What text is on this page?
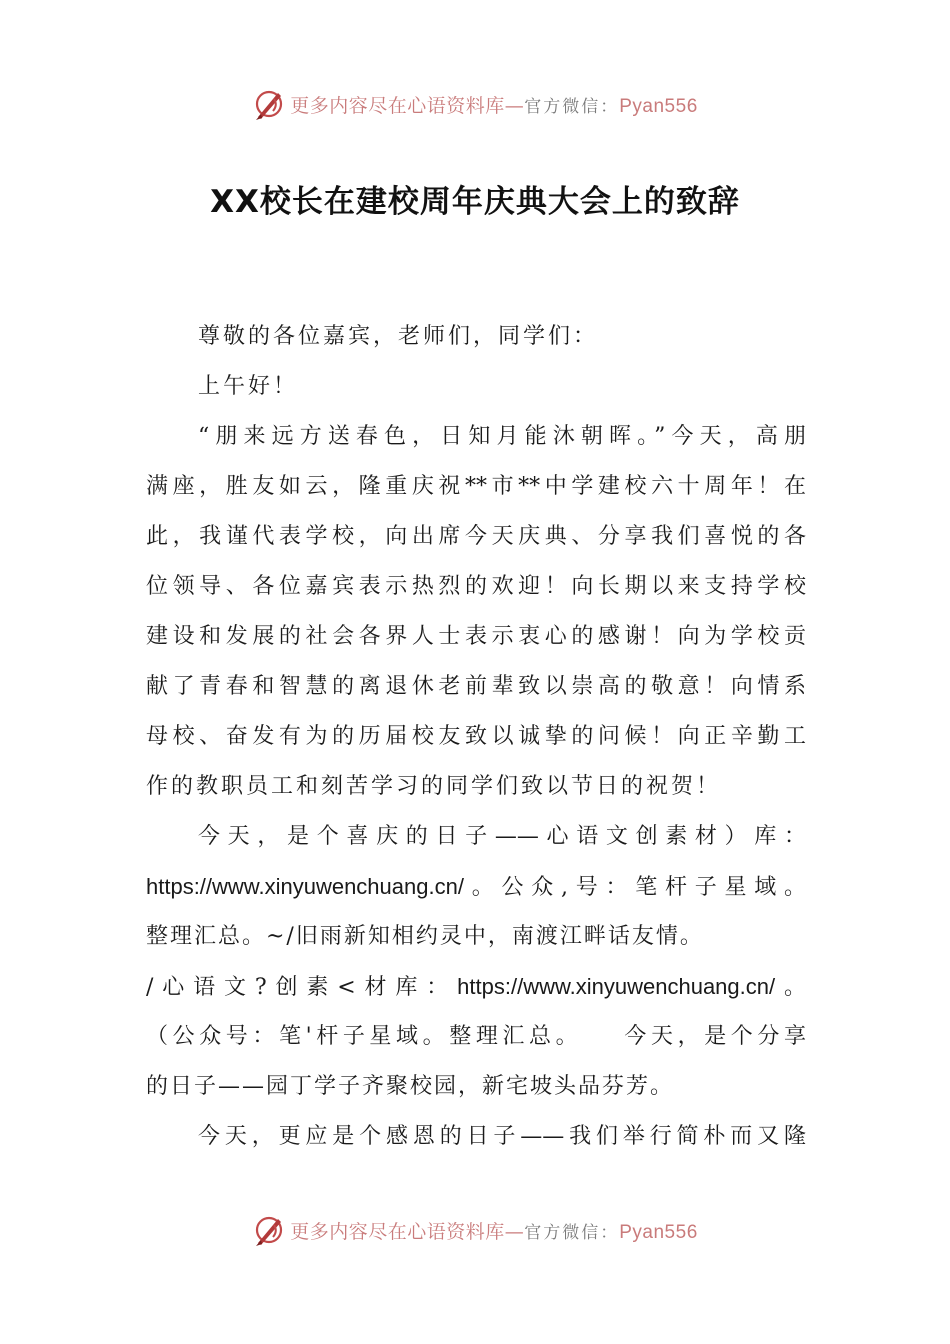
更多内容尽在心语资料库—官方微信：Pyan556
XX校长在建校周年庆典大会上的致辞
尊敬的各位嘉宾，老师们，同学们：
上午好！
“朋来远方送春色，日知月能沐朝晖。”今天，高朋
满座，胜友如云，隆重庆祝**市**中学建校六十周年！在
此，我谨代表学校，向出席今天庆典、分享我们喜悦的各
位领导、各位嘉宾表示热烈的欢迎！向长期以来支持学校
建设和发展的社会各界人士表示衷心的感谢！向为学校贡
献了青春和智慧的离退休老前辈致以崇高的敬意！向情系
母校、奋发有为的历届校友致以诚挚的问候！向正辛勤工
作的教职员工和刻苦学习的同学们致以节日的祝贺！
今天，是个喜庆的日子——心语文创素材）库：
https://www.xinyuwenchuang.cn/。公众,号：笔杆子星域。
整理汇总。~/旧雨新知相约灵中，南渡江畔话友情。
/心语文?创素<材库：https://www.xinyuwenchuang.cn/。
（公众号：笔'杆子星域。整理汇总。　　今天，是个分享
的日子——园丁学子齐聚校园，新宅坡头品芬芳。
今天，更应是个感恩的日子——我们举行简朴而又隆
更多内容尽在心语资料库—官方微信：Pyan556
